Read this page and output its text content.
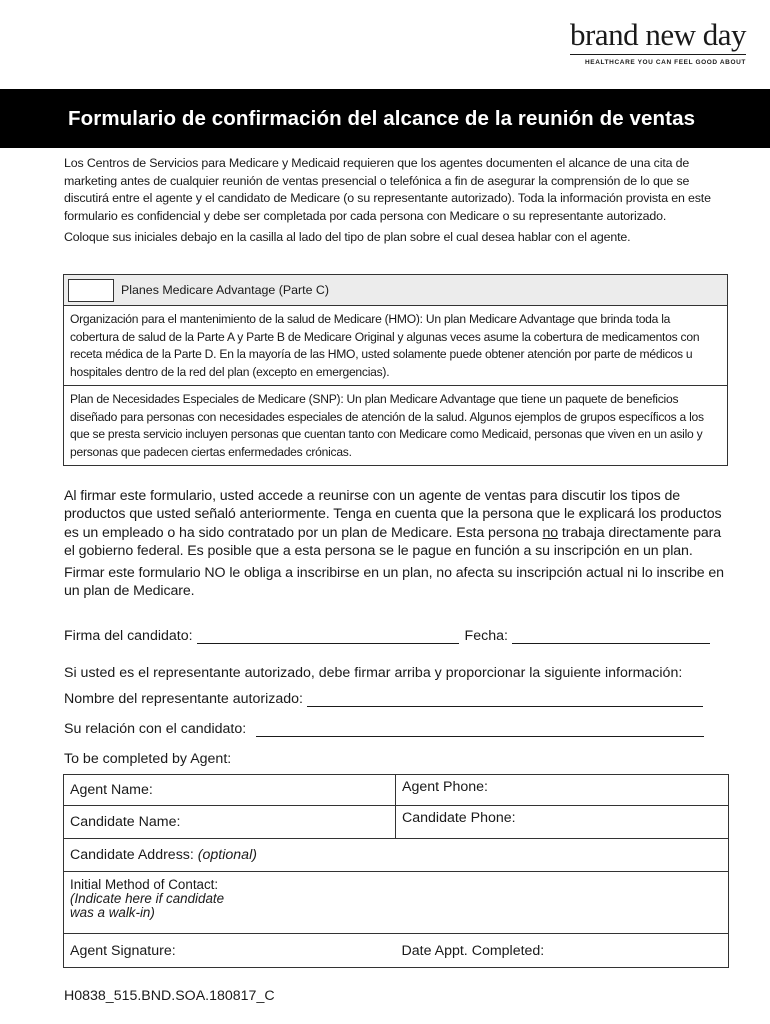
brand new day
HEALTHCARE YOU CAN FEEL GOOD ABOUT
Formulario de confirmación del alcance de la reunión de ventas

Los Centros de Servicios para Medicare y Medicaid requieren que los agentes documenten el alcance de una cita de marketing antes de cualquier reunión de ventas presencial o telefónica a fin de asegurar la comprensión de lo que se discutirá entre el agente y el candidato de Medicare (o su representante autorizado). Toda la información provista en este formulario es confidencial y debe ser completada por cada persona con Medicare o su representante autorizado.

Coloque sus iniciales debajo en la casilla al lado del tipo de plan sobre el cual desea hablar con el agente.

Planes Medicare Advantage (Parte C)
Organización para el mantenimiento de la salud de Medicare (HMO): Un plan Medicare Advantage que brinda toda la cobertura de salud de la Parte A y Parte B de Medicare Original y algunas veces asume la cobertura de medicamentos con receta médica de la Parte D. En la mayoría de las HMO, usted solamente puede obtener atención por parte de médicos u hospitales dentro de la red del plan (excepto en emergencias).
Plan de Necesidades Especiales de Medicare (SNP): Un plan Medicare Advantage que tiene un paquete de beneficios diseñado para personas con necesidades especiales de atención de la salud. Algunos ejemplos de grupos específicos a los que se presta servicio incluyen personas que cuentan tanto con Medicare como Medicaid, personas que viven en un asilo y personas que padecen ciertas enfermedades crónicas.

Al firmar este formulario, usted accede a reunirse con un agente de ventas para discutir los tipos de productos que usted señaló anteriormente. Tenga en cuenta que la persona que le explicará los productos es un empleado o ha sido contratado por un plan de Medicare. Esta persona no trabaja directamente para el gobierno federal. Es posible que a esta persona se le pague en función a su inscripción en un plan.

Firmar este formulario NO le obliga a inscribirse en un plan, no afecta su inscripción actual ni lo inscribe en un plan de Medicare.

Firma del candidato:	Fecha:
Si usted es el representante autorizado, debe firmar arriba y proporcionar la siguiente información:
Nombre del representante autorizado:
Su relación con el candidato:
To be completed by Agent:
Agent Name:	Agent Phone:
Candidate Name:	Candidate Phone:
Candidate Address: (optional)	

Initial Method of Contact:
(Indicate here if candidate
was a walk-in)	

Agent Signature:	Date Appt. Completed:
H0838_515.BND.SOA.180817_C
